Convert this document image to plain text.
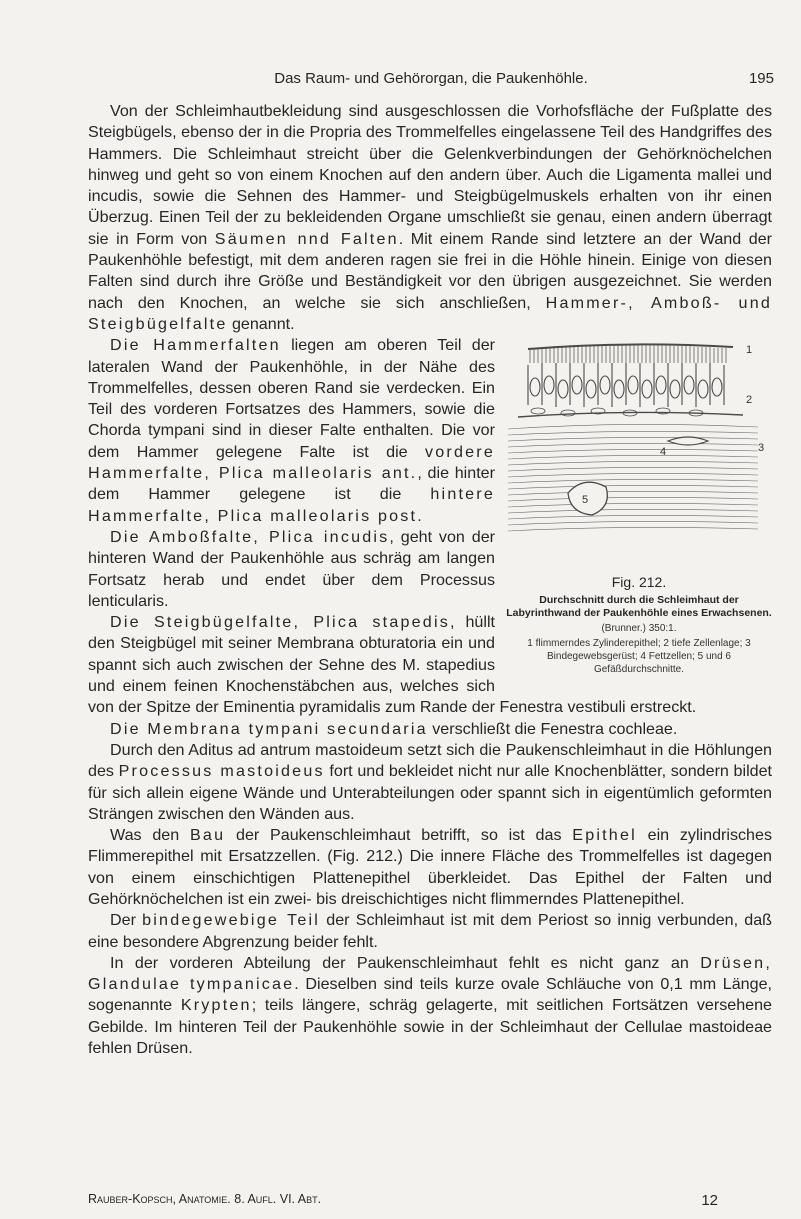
Das Raum- und Gehörorgan, die Paukenhöhle.	195

Von der Schleimhautbekleidung sind ausgeschlossen die Vorhofsfläche der Fußplatte des Steigbügels, ebenso der in die Propria des Trommelfelles eingelassene Teil des Handgriffes des Hammers. Die Schleimhaut streicht über die Gelenkverbindungen der Gehörknöchelchen hinweg und geht so von einem Knochen auf den andern über. Auch die Ligamenta mallei und incudis, sowie die Sehnen des Hammer- und Steigbügelmuskels erhalten von ihr einen Überzug. Einen Teil der zu bekleidenden Organe umschließt sie genau, einen andern überragt sie in Form von Säumen nnd Falten. Mit einem Rande sind letztere an der Wand der Paukenhöhle befestigt, mit dem anderen ragen sie frei in die Höhle hinein. Einige von diesen Falten sind durch ihre Größe und Beständigkeit vor den übrigen ausgezeichnet. Sie werden nach den Knochen, an welche sie sich anschließen, Hammer-, Amboß- und Steigbügelfalte genannt.

1
2
3
4
5
Fig. 212.
Durchschnitt durch die Schleimhaut der Labyrinthwand der Paukenhöhle eines Erwachsenen.
(Brunner.) 350:1.
1 flimmerndes Zylinderepithel; 2 tiefe Zellenlage; 3 Bindegewebsgerüst; 4 Fettzellen; 5 und 6 Gefäßdurchschnitte.

Die Hammerfalten liegen am oberen Teil der lateralen Wand der Paukenhöhle, in der Nähe des Trommelfelles, dessen oberen Rand sie verdecken. Ein Teil des vorderen Fortsatzes des Hammers, sowie die Chorda tympani sind in dieser Falte enthalten. Die vor dem Hammer gelegene Falte ist die vordere Hammerfalte, Plica malleolaris ant., die hinter dem Hammer gelegene ist die hintere Hammerfalte, Plica malleolaris post.

Die Amboßfalte, Plica incudis, geht von der hinteren Wand der Paukenhöhle aus schräg am langen Fortsatz herab und endet über dem Processus lenticularis.

Die Steigbügelfalte, Plica stapedis, hüllt den Steigbügel mit seiner Membrana obturatoria ein und spannt sich auch zwischen der Sehne des M. stapedius und einem feinen Knochenstäbchen aus, welches sich von der Spitze der Eminentia pyramidalis zum Rande der Fenestra vestibuli erstreckt.

Die Membrana tympani secundaria verschließt die Fenestra cochleae.

Durch den Aditus ad antrum mastoideum setzt sich die Paukenschleimhaut in die Höhlungen des Processus mastoideus fort und bekleidet nicht nur alle Knochenblätter, sondern bildet für sich allein eigene Wände und Unterabteilungen oder spannt sich in eigentümlich geformten Strängen zwischen den Wänden aus.

Was den Bau der Paukenschleimhaut betrifft, so ist das Epithel ein zylindrisches Flimmerepithel mit Ersatzzellen. (Fig. 212.) Die innere Fläche des Trommelfelles ist dagegen von einem einschichtigen Plattenepithel überkleidet. Das Epithel der Falten und Gehörknöchelchen ist ein zwei- bis dreischichtiges nicht flimmerndes Plattenepithel.

Der bindegewebige Teil der Schleimhaut ist mit dem Periost so innig verbunden, daß eine besondere Abgrenzung beider fehlt.

In der vorderen Abteilung der Paukenschleimhaut fehlt es nicht ganz an Drüsen, Glandulae tympanicae. Dieselben sind teils kurze ovale Schläuche von 0,1 mm Länge, sogenannte Krypten; teils längere, schräg gelagerte, mit seitlichen Fortsätzen versehene Gebilde. Im hinteren Teil der Paukenhöhle sowie in der Schleimhaut der Cellulae mastoideae fehlen Drüsen.

Rauber-Kopsch, Anatomie. 8. Aufl. VI. Abt.	12
